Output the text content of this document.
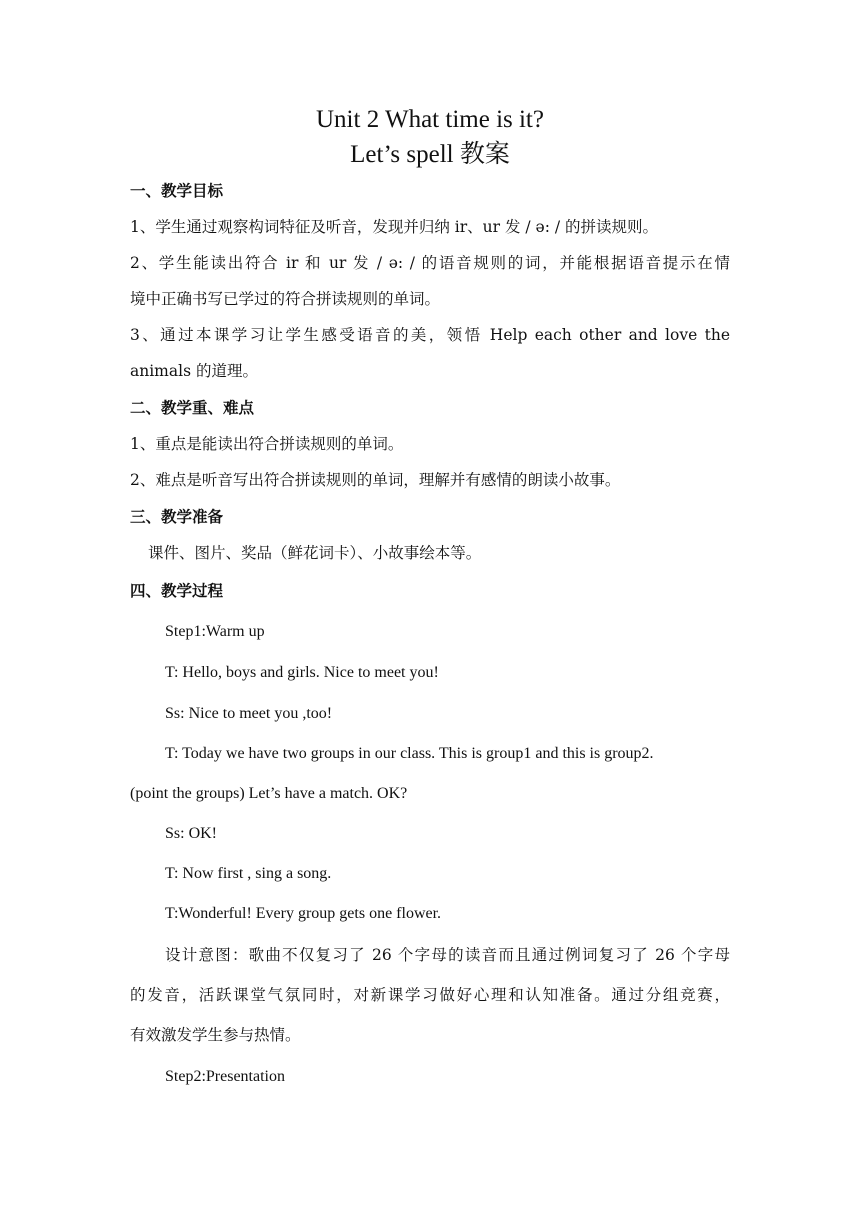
Unit 2 What time is it?
Let’s spell 教案
一、教学目标
1、学生通过观察构词特征及听音，发现并归纳 ir、ur 发 / ə: / 的拼读规则。
2、学生能读出符合 ir 和 ur 发 / ə: / 的语音规则的词，并能根据语音提示在情
境中正确书写已学过的符合拼读规则的单词。
3、通过本课学习让学生感受语音的美，领悟 Help each other and love the
animals 的道理。
二、教学重、难点
1、重点是能读出符合拼读规则的单词。
2、难点是听音写出符合拼读规则的单词，理解并有感情的朗读小故事。
三、教学准备
课件、图片、奖品（鲜花词卡）、小故事绘本等。
四、教学过程
Step1:Warm up
T: Hello, boys and girls. Nice to meet you!
Ss: Nice to meet you ,too!
T: Today we have two groups in our class. This is group1 and this is group2.
(point the groups) Let’s have a match. OK?
Ss: OK!
T: Now first , sing a song.
T:Wonderful! Every group gets one flower.
设计意图：歌曲不仅复习了 26 个字母的读音而且通过例词复习了 26 个字母
的发音，活跃课堂气氛同时，对新课学习做好心理和认知准备。通过分组竞赛，
有效激发学生参与热情。
Step2:Presentation
